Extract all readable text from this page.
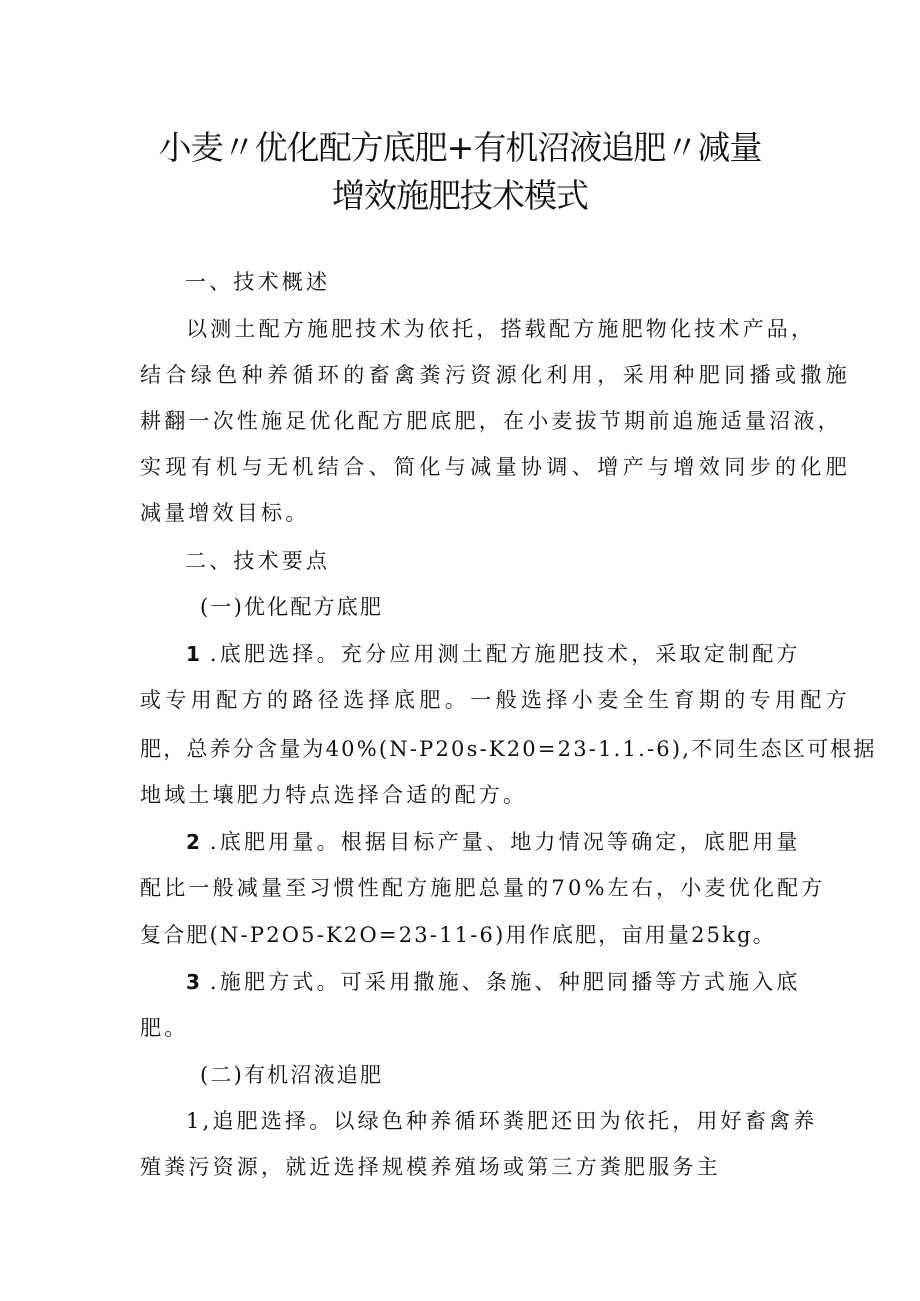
小麦〃优化配方底肥+有机沼液追肥〃减量
增效施肥技术模式
一、技术概述
以测土配方施肥技术为依托，搭载配方施肥物化技术产品，
结合绿色种养循环的畜禽粪污资源化利用，采用种肥同播或撒施
耕翻一次性施足优化配方肥底肥，在小麦拔节期前追施适量沼液，
实现有机与无机结合、简化与减量协调、增产与增效同步的化肥
减量增效目标。
二、技术要点
(一)优化配方底肥
1 .底肥选择。充分应用测土配方施肥技术，采取定制配方
或专用配方的路径选择底肥。一般选择小麦全生育期的专用配方
肥，总养分含量为40%(N-P20s-K20=23-1.1.-6),不同生态区可根据
地域土壤肥力特点选择合适的配方。
2 .底肥用量。根据目标产量、地力情况等确定，底肥用量
配比一般减量至习惯性配方施肥总量的70%左右，小麦优化配方
复合肥(N-P2O5-K2O=23-11-6)用作底肥，亩用量25kg。
3 .施肥方式。可采用撒施、条施、种肥同播等方式施入底
肥。
(二)有机沼液追肥
1,追肥选择。以绿色种养循环粪肥还田为依托，用好畜禽养
殖粪污资源，就近选择规模养殖场或第三方粪肥服务主
